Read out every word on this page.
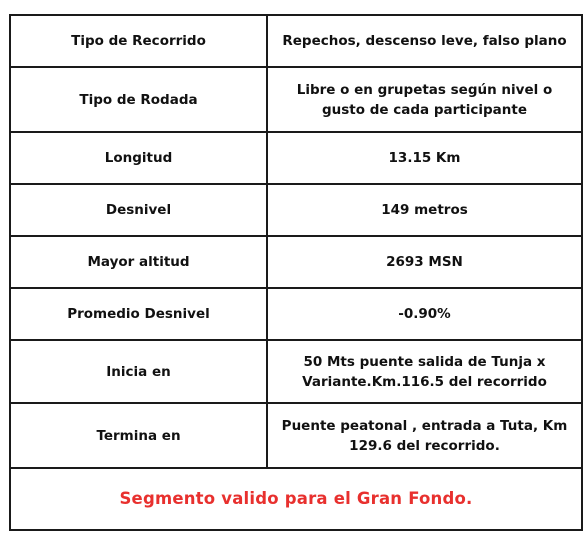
Tipo de Recorrido	Repechos, descenso leve, falso plano
Tipo de Rodada	Libre o en grupetas según nivel o gusto de cada participante
Longitud	13.15 Km
Desnivel	149 metros
Mayor altitud	2693 MSN
Promedio Desnivel	-0.90%
Inicia en	50 Mts puente salida de Tunja x Variante.Km.116.5 del recorrido
Termina en	Puente peatonal , entrada a Tuta, Km 129.6 del recorrido.
Segmento valido para el Gran Fondo.	
